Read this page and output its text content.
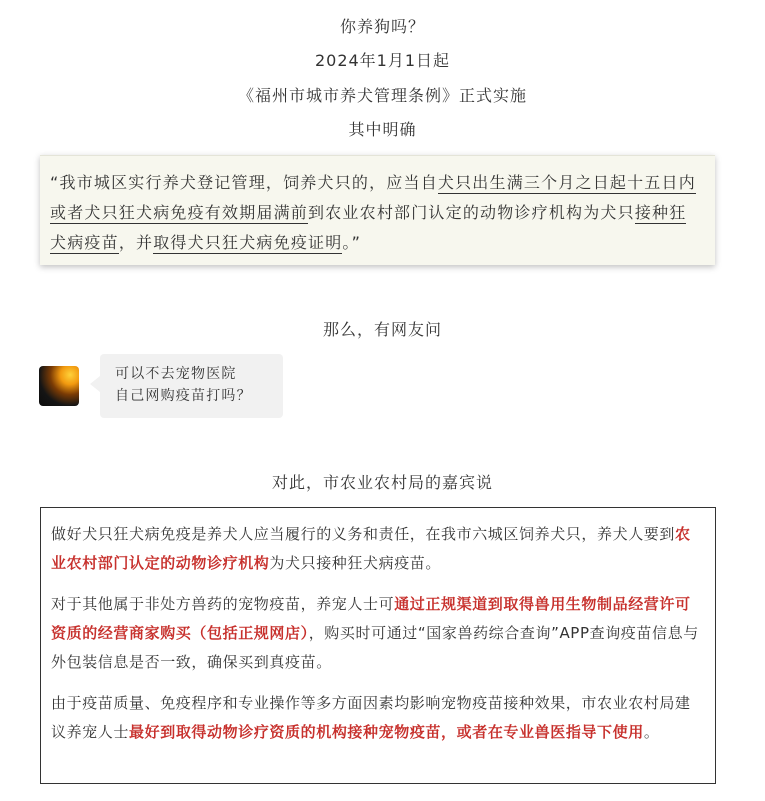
你养狗吗？
2024年1月1日起
《福州市城市养犬管理条例》正式实施
其中明确
“我市城区实行养犬登记管理，饲养犬只的，应当自犬只出生满三个月之日起十五日内或者犬只狂犬病免疫有效期届满前到农业农村部门认定的动物诊疗机构为犬只接种狂犬病疫苗，并取得犬只狂犬病免疫证明。”
那么，有网友问
可以不去宠物医院
自己网购疫苗打吗？
对此，市农业农村局的嘉宾说

做好犬只狂犬病免疫是养犬人应当履行的义务和责任，在我市六城区饲养犬只，养犬人要到农业农村部门认定的动物诊疗机构为犬只接种狂犬病疫苗。

对于其他属于非处方兽药的宠物疫苗，养宠人士可通过正规渠道到取得兽用生物制品经营许可资质的经营商家购买（包括正规网店），购买时可通过“国家兽药综合查询”APP查询疫苗信息与外包装信息是否一致，确保买到真疫苗。

由于疫苗质量、免疫程序和专业操作等多方面因素均影响宠物疫苗接种效果，市农业农村局建议养宠人士最好到取得动物诊疗资质的机构接种宠物疫苗，或者在专业兽医指导下使用。
